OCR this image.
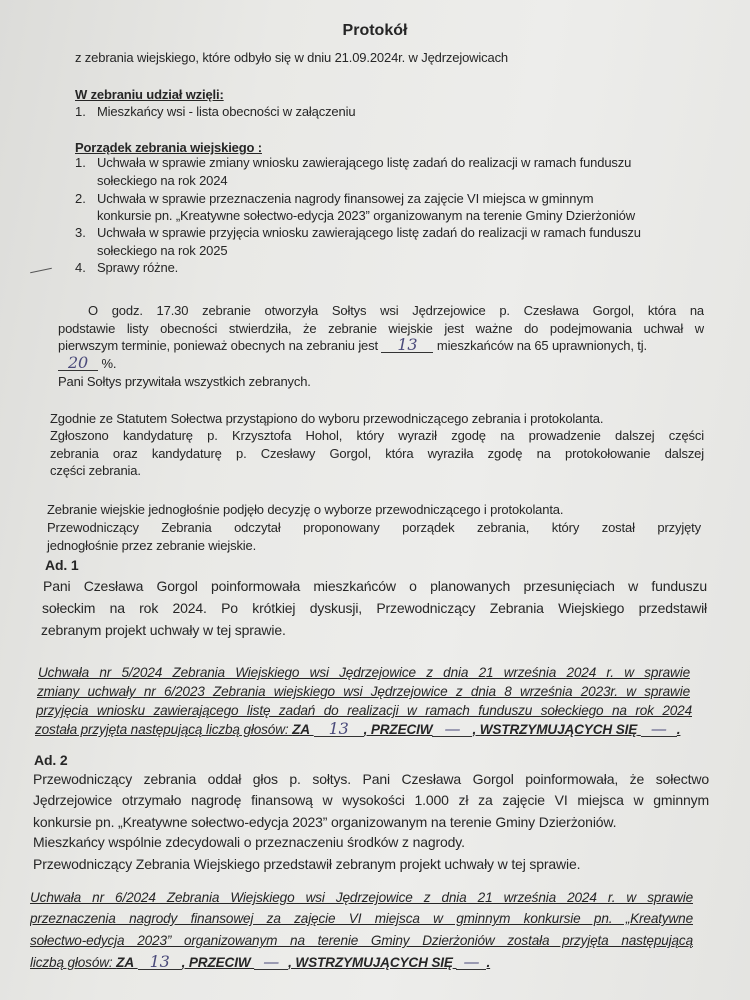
Protokół
z zebrania wiejskiego, które odbyło się w dniu 21.09.2024r. w Jędrzejowicach
W zebraniu udział wzięli:
1. Mieszkańcy wsi - lista obecności w załączeniu
Porządek zebrania wiejskiego :
1. Uchwała w sprawie zmiany wniosku zawierającego listę zadań do realizacji w ramach funduszu
sołeckiego na rok 2024
2. Uchwała w sprawie przeznaczenia nagrody finansowej za zajęcie VI miejsca w gminnym
konkursie pn. „Kreatywne sołectwo-edycja 2023” organizowanym na terenie Gminy Dzierżoniów
3. Uchwała w sprawie przyjęcia wniosku zawierającego listę zadań do realizacji w ramach funduszu
sołeckiego na rok 2025
4. Sprawy różne.
O godz. 17.30 zebranie otworzyła Sołtys wsi Jędrzejowice p. Czesława Gorgol, która na
podstawie listy obecności stwierdziła, że zebranie wiejskie jest ważne do podejmowania uchwał w
pierwszym terminie, ponieważ obecnych na zebraniu jest 13 mieszkańców na 65 uprawnionych, tj.
20 %.
Pani Sołtys przywitała wszystkich zebranych.
Zgodnie ze Statutem Sołectwa przystąpiono do wyboru przewodniczącego zebrania i protokolanta.
Zgłoszono kandydaturę p. Krzysztofa Hohol, który wyraził zgodę na prowadzenie dalszej części
zebrania oraz kandydaturę p. Czesławy Gorgol, która wyraziła zgodę na protokołowanie dalszej
części zebrania.
Zebranie wiejskie jednogłośnie podjęło decyzję o wyborze przewodniczącego i protokolanta.
Przewodniczący Zebrania odczytał proponowany porządek zebrania, który został przyjęty
jednogłośnie przez zebranie wiejskie.
Ad. 1
Pani Czesława Gorgol poinformowała mieszkańców o planowanych przesunięciach w funduszu
sołeckim na rok 2024. Po krótkiej dyskusji, Przewodniczący Zebrania Wiejskiego przedstawił
zebranym projekt uchwały w tej sprawie.
Uchwała nr 5/2024 Zebrania Wiejskiego wsi Jędrzejowice z dnia 21 września 2024 r. w sprawie
zmiany uchwały nr 6/2023 Zebrania wiejskiego wsi Jędrzejowice z dnia 8 września 2023r. w sprawie
przyjęcia wniosku zawierającego listę zadań do realizacji w ramach funduszu sołeckiego na rok 2024
została przyjęta następującą liczbą głosów: ZA 13 , PRZECIW — , WSTRZYMUJĄCYCH SIĘ — .
Ad. 2
Przewodniczący zebrania oddał głos p. sołtys. Pani Czesława Gorgol poinformowała, że sołectwo
Jędrzejowice otrzymało nagrodę finansową w wysokości 1.000 zł za zajęcie VI miejsca w gminnym
konkursie pn. „Kreatywne sołectwo-edycja 2023” organizowanym na terenie Gminy Dzierżoniów.
Mieszkańcy wspólnie zdecydowali o przeznaczeniu środków z nagrody.
Przewodniczący Zebrania Wiejskiego przedstawił zebranym projekt uchwały w tej sprawie.
Uchwała nr 6/2024 Zebrania Wiejskiego wsi Jędrzejowice z dnia 21 września 2024 r. w sprawie
przeznaczenia nagrody finansowej za zajęcie VI miejsca w gminnym konkursie pn. „Kreatywne
sołectwo-edycja 2023” organizowanym na terenie Gminy Dzierżoniów została przyjęta następującą
liczbą głosów: ZA 13 , PRZECIW — , WSTRZYMUJĄCYCH SIĘ — .
